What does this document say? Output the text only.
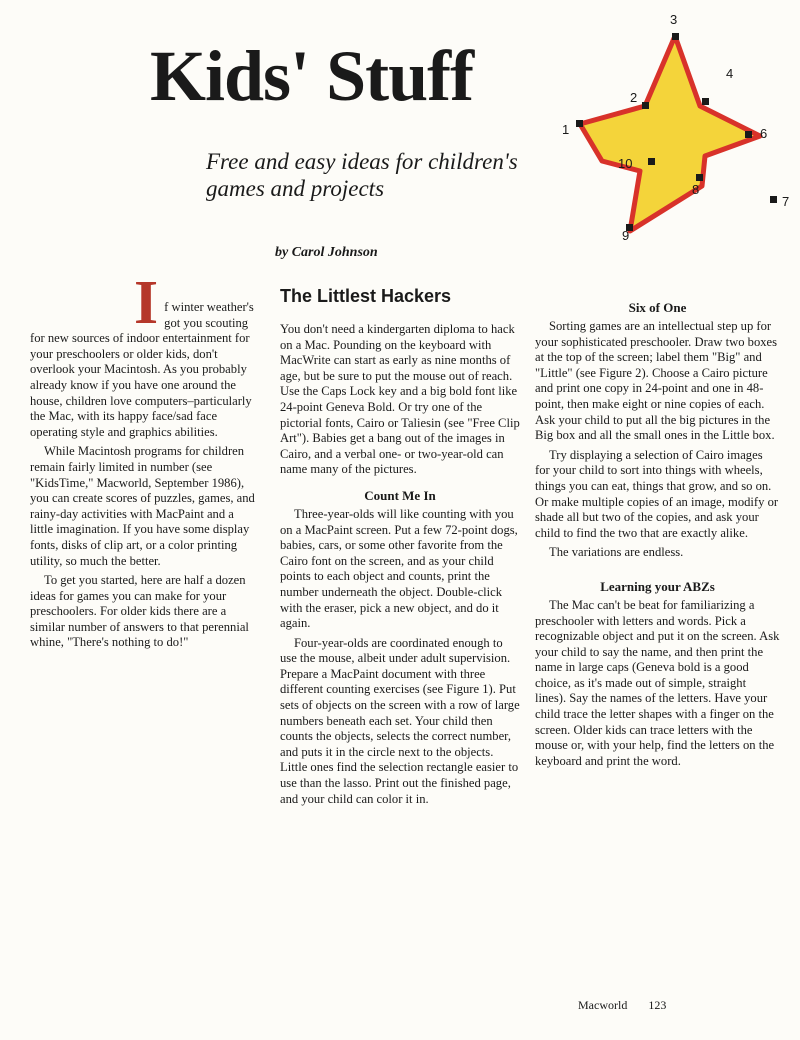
Kids' Stuff

Free and easy ideas for children's games and projects

by Carol Johnson

1
2
3
4
6
7
8
9
10

If winter weather's got you scouting for new sources of indoor entertainment for your preschoolers or older kids, don't overlook your Macintosh. As you probably already know if you have one around the house, children love computers–particularly the Mac, with its happy face/sad face operating style and graphics abilities.

While Macintosh programs for children remain fairly limited in number (see "KidsTime," Macworld, September 1986), you can create scores of puzzles, games, and rainy-day activities with MacPaint and a little imagination. If you have some display fonts, disks of clip art, or a color printing utility, so much the better.

To get you started, here are half a dozen ideas for games you can make for your preschoolers. For older kids there are a similar number of answers to that perennial whine, "There's nothing to do!"

The Littlest Hackers

You don't need a kindergarten diploma to hack on a Mac. Pounding on the keyboard with MacWrite can start as early as nine months of age, but be sure to put the mouse out of reach. Use the Caps Lock key and a big bold font like 24-point Geneva Bold. Or try one of the pictorial fonts, Cairo or Taliesin (see "Free Clip Art"). Babies get a bang out of the images in Cairo, and a verbal one- or two-year-old can name many of the pictures.

Count Me In

Three-year-olds will like counting with you on a MacPaint screen. Put a few 72-point dogs, babies, cars, or some other favorite from the Cairo font on the screen, and as your child points to each object and counts, print the number underneath the object. Double-click with the eraser, pick a new object, and do it again.

Four-year-olds are coordinated enough to use the mouse, albeit under adult supervision. Prepare a MacPaint document with three different counting exercises (see Figure 1). Put sets of objects on the screen with a row of large numbers beneath each set. Your child then counts the objects, selects the correct number, and puts it in the circle next to the objects. Little ones find the selection rectangle easier to use than the lasso. Print out the finished page, and your child can color it in.

Six of One

Sorting games are an intellectual step up for your sophisticated preschooler. Draw two boxes at the top of the screen; label them "Big" and "Little" (see Figure 2). Choose a Cairo picture and print one copy in 24-point and one in 48-point, then make eight or nine copies of each. Ask your child to put all the big pictures in the Big box and all the small ones in the Little box.

Try displaying a selection of Cairo images for your child to sort into things with wheels, things you can eat, things that grow, and so on. Or make multiple copies of an image, modify or shade all but two of the copies, and ask your child to find the two that are exactly alike.

The variations are endless.

Learning your ABZs

The Mac can't be beat for familiarizing a preschooler with letters and words. Pick a recognizable object and put it on the screen. Ask your child to say the name, and then print the name in large caps (Geneva bold is a good choice, as it's made out of simple, straight lines). Say the names of the letters. Have your child trace the letter shapes with a finger on the screen. Older kids can trace letters with the mouse or, with your help, find the letters on the keyboard and print the word.

Macworld 123
